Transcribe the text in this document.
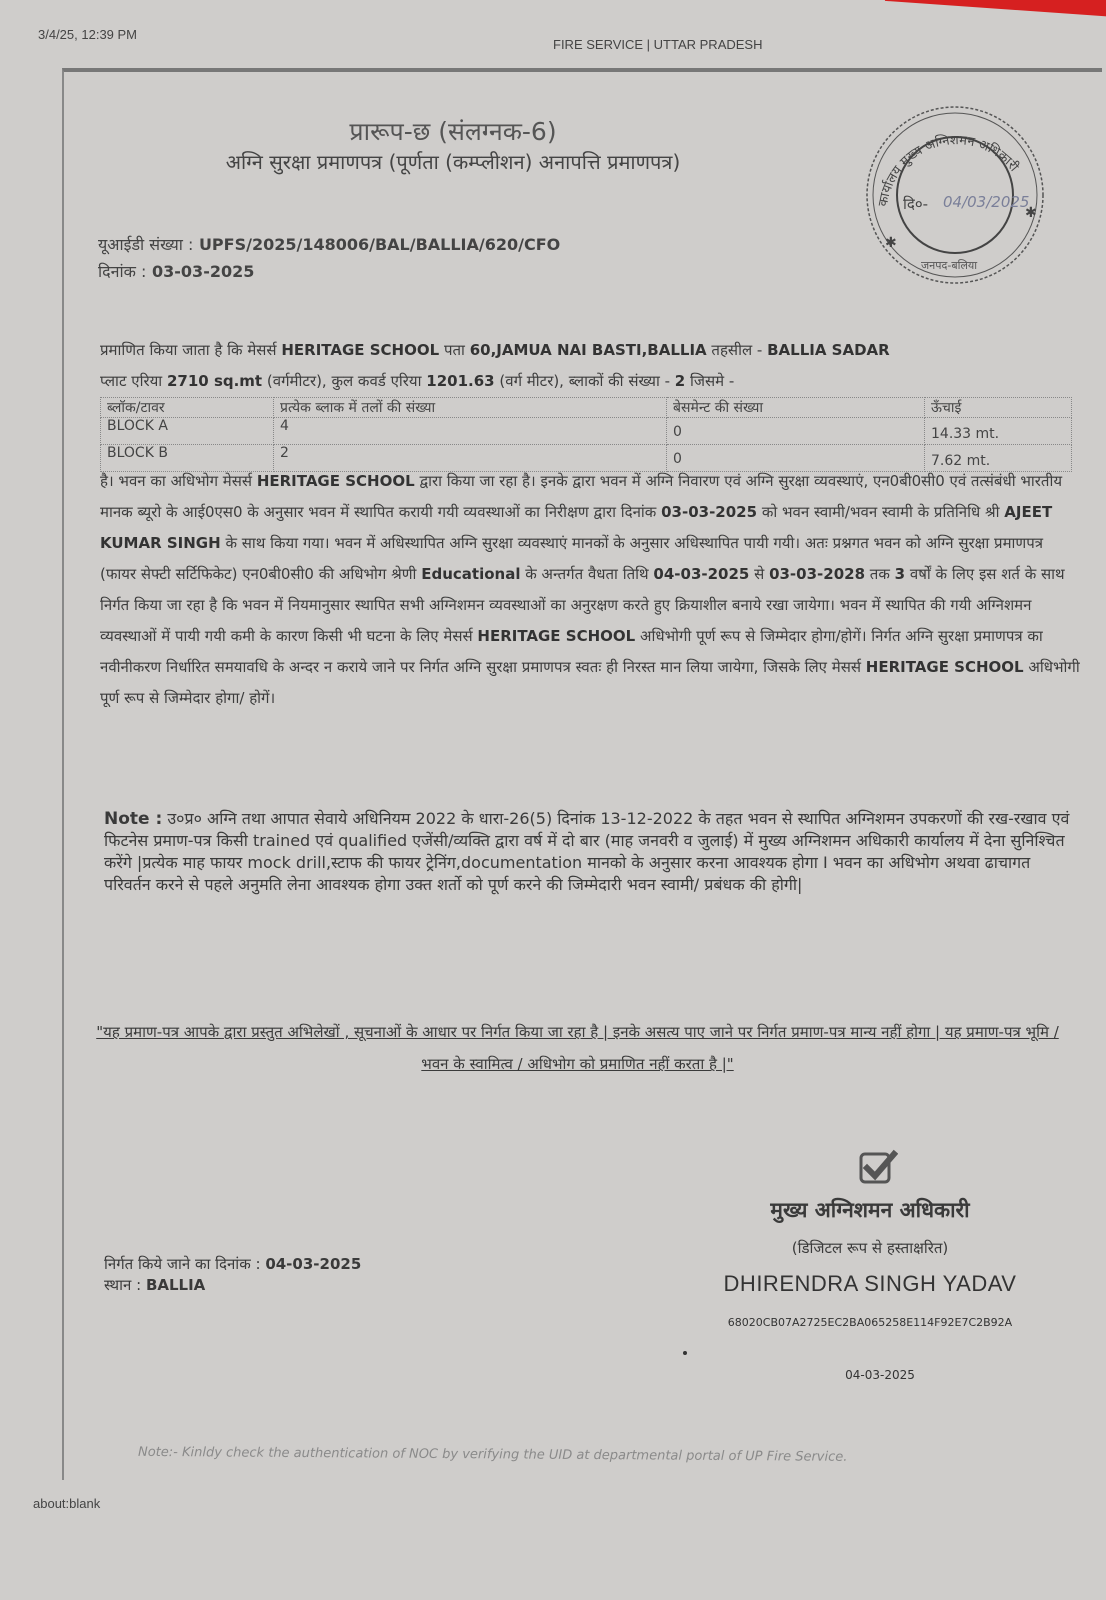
3/4/25, 12:39 PM
FIRE SERVICE | UTTAR PRADESH
प्रारूप-छ (संलग्नक-6)
अग्नि सुरक्षा प्रमाणपत्र (पूर्णता (कम्प्लीशन) अनापत्ति प्रमाणपत्र)
कार्यालय मुख्य अग्निशमन अधिकारी
दि०- 04/03/2025
जनपद-बलिया
✱
✱
यूआईडी संख्या : UPFS/2025/148006/BAL/BALLIA/620/CFO
दिनांक : 03-03-2025
प्रमाणित किया जाता है कि मेसर्स HERITAGE SCHOOL पता 60,JAMUA NAI BASTI,BALLIA तहसील - BALLIA SADAR
प्लाट एरिया 2710 sq.mt (वर्गमीटर), कुल कवर्ड एरिया 1201.63 (वर्ग मीटर), ब्लाकों की संख्या - 2 जिसमे -
ब्लॉक/टावर	प्रत्येक ब्लाक में तलों की संख्या	बेसमेन्ट की संख्या	ऊँचाई
BLOCK A	4	0	14.33 mt.
BLOCK B	2	0	7.62 mt.
है। भवन का अधिभोग मेसर्स HERITAGE SCHOOL द्वारा किया जा रहा है। इनके द्वारा भवन में अग्नि निवारण एवं अग्नि सुरक्षा व्यवस्थाएं, एन0बी0सी0 एवं तत्संबंधी भारतीय मानक ब्यूरो के आई0एस0 के अनुसार भवन में स्थापित करायी गयी व्यवस्थाओं का निरीक्षण द्वारा दिनांक 03-03-2025 को भवन स्वामी/भवन स्वामी के प्रतिनिधि श्री AJEET KUMAR SINGH के साथ किया गया। भवन में अधिस्थापित अग्नि सुरक्षा व्यवस्थाएं मानकों के अनुसार अधिस्थापित पायी गयी। अतः प्रश्नगत भवन को अग्नि सुरक्षा प्रमाणपत्र (फायर सेफ्टी सर्टिफिकेट) एन0बी0सी0 की अधिभोग श्रेणी Educational के अन्तर्गत वैधता तिथि 04-03-2025 से 03-03-2028 तक 3 वर्षों के लिए इस शर्त के साथ निर्गत किया जा रहा है कि भवन में नियमानुसार स्थापित सभी अग्निशमन व्यवस्थाओं का अनुरक्षण करते हुए क्रियाशील बनाये रखा जायेगा। भवन में स्थापित की गयी अग्निशमन व्यवस्थाओं में पायी गयी कमी के कारण किसी भी घटना के लिए मेसर्स HERITAGE SCHOOL अधिभोगी पूर्ण रूप से जिम्मेदार होगा/होगें। निर्गत अग्नि सुरक्षा प्रमाणपत्र का नवीनीकरण निर्धारित समयावधि के अन्दर न कराये जाने पर निर्गत अग्नि सुरक्षा प्रमाणपत्र स्वतः ही निरस्त मान लिया जायेगा, जिसके लिए मेसर्स HERITAGE SCHOOL अधिभोगी पूर्ण रूप से जिम्मेदार होगा/ होगें।
Note : उ०प्र० अग्नि तथा आपात सेवाये अधिनियम 2022 के धारा-26(5) दिनांक 13-12-2022 के तहत भवन से स्थापित अग्निशमन उपकरणों की रख-रखाव एवं फिटनेस प्रमाण-पत्र किसी trained एवं qualified एजेंसी/व्यक्ति द्वारा वर्ष में दो बार (माह जनवरी व जुलाई) में मुख्य अग्निशमन अधिकारी कार्यालय में देना सुनिश्चित करेंगे |प्रत्येक माह फायर mock drill,स्टाफ की फायर ट्रेनिंग,documentation मानको के अनुसार करना आवश्यक होगा I भवन का अधिभोग अथवा ढाचागत परिवर्तन करने से पहले अनुमति लेना आवश्यक होगा उक्त शर्तो को पूर्ण करने की जिम्मेदारी भवन स्वामी/ प्रबंधक की होगी|
"यह प्रमाण-पत्र आपके द्वारा प्रस्तुत अभिलेखों , सूचनाओं के आधार पर निर्गत किया जा रहा है | इनके असत्य पाए जाने पर निर्गत प्रमाण-पत्र मान्य नहीं होगा | यह प्रमाण-पत्र भूमि / भवन के स्वामित्व / अधिभोग को प्रमाणित नहीं करता है |"
मुख्य अग्निशमन अधिकारी
(डिजिटल रूप से हस्ताक्षरित)
DHIRENDRA SINGH YADAV
68020CB07A2725EC2BA065258E114F92E7C2B92A
04-03-2025
निर्गत किये जाने का दिनांक : 04-03-2025
स्थान : BALLIA
Note:- Kinldy check the authentication of NOC by verifying the UID at departmental portal of UP Fire Service.
about:blank
